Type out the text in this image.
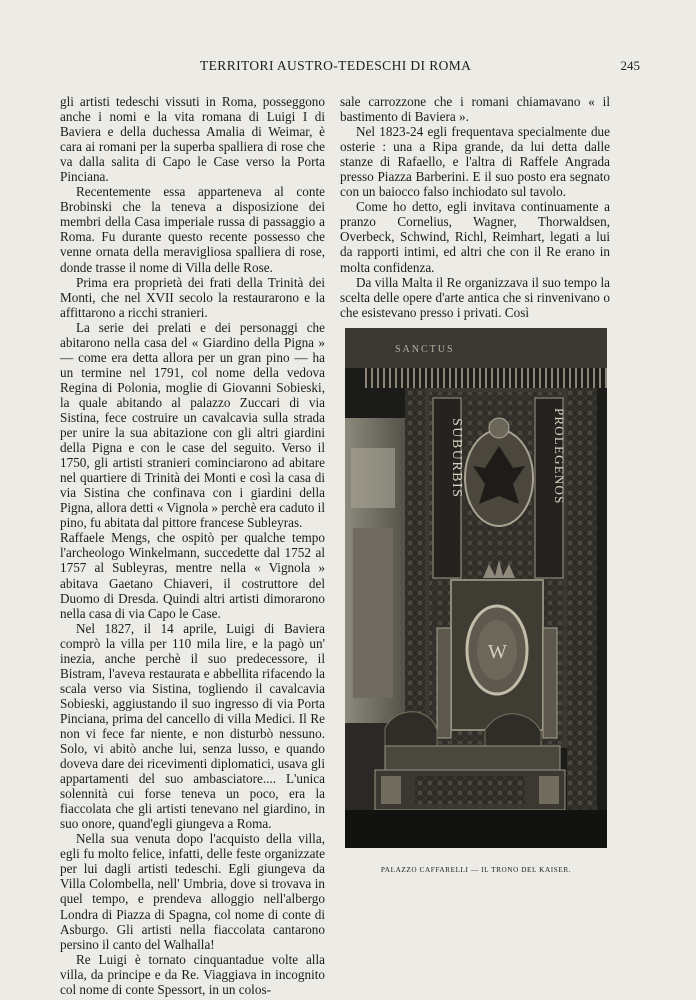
TERRITORI AUSTRO-TEDESCHI DI ROMA	245

gli artisti tedeschi vissuti in Roma, posseggono anche i nomi e la vita romana di Luigi I di Baviera e della duchessa Amalia di Weimar, è cara ai romani per la superba spalliera di rose che va dalla salita di Capo le Case verso la Porta Pinciana.

Recentemente essa apparteneva al conte Brobinski che la teneva a disposizione dei membri della Casa imperiale russa di passaggio a Roma. Fu durante questo recente possesso che venne ornata della meravigliosa spalliera di rose, donde trasse il nome di Villa delle Rose.

Prima era proprietà dei frati della Trinità dei Monti, che nel XVII secolo la restaurarono e la affittarono a ricchi stranieri.

La serie dei prelati e dei personaggi che abitarono nella casa del « Giardino della Pigna » — come era detta allora per un gran pino — ha un termine nel 1791, col nome della vedova Regina di Polonia, moglie di Giovanni Sobieski, la quale abitando al palazzo Zuccari di via Sistina, fece costruire un cavalcavia sulla strada per unire la sua abitazione con gli altri giardini della Pigna e con le case del seguito. Verso il 1750, gli artisti stranieri cominciarono ad abitare nel quartiere di Trinità dei Monti e così la casa di via Sistina che confinava con i giardini della Pigna, allora detti « Vignola » perchè era caduto il pino, fu abitata dal pittore francese Subleyras.

Raffaele Mengs, che ospitò per qualche tempo l'archeologo Winkelmann, succedette dal 1752 al 1757 al Subleyras, mentre nella « Vignola » abitava Gaetano Chiaveri, il costruttore del Duomo di Dresda. Quindi altri artisti dimorarono nella casa di via Capo le Case.

Nel 1827, il 14 aprile, Luigi di Baviera comprò la villa per 110 mila lire, e la pagò un' inezia, anche perchè il suo predecessore, il Bistram, l'aveva restaurata e abbellita rifacendo la scala verso via Sistina, togliendo il cavalcavia Sobieski, aggiustando il suo ingresso di via Porta Pinciana, prima del cancello di villa Medici. Il Re non vi fece far niente, e non disturbò nessuno. Solo, vi abitò anche lui, senza lusso, e quando doveva dare dei ricevimenti diplomatici, usava gli appartamenti del suo ambasciatore.... L'unica solennità cui forse teneva un poco, era la fiaccolata che gli artisti tenevano nel giardino, in suo onore, quand'egli giungeva a Roma.

Nella sua venuta dopo l'acquisto della villa, egli fu molto felice, infatti, delle feste organizzate per lui dagli artisti tedeschi. Egli giungeva da Villa Colombella, nell' Umbria, dove si trovava in quel tempo, e prendeva alloggio nell'albergo Londra di Piazza di Spagna, col nome di conte di Asburgo. Gli artisti nella fiaccolata cantarono persino il canto del Walhalla!

Re Luigi è tornato cinquantadue volte alla villa, da principe e da Re. Viaggiava in incognito col nome di conte Spessort, in un colos-

sale carrozzone che i romani chiamavano « il bastimento di Baviera ».

Nel 1823-24 egli frequentava specialmente due osterie : una a Ripa grande, da lui detta dalle stanze di Rafaello, e l'altra di Raffele Angrada presso Piazza Barberini. E il suo posto era segnato con un baiocco falso inchiodato sul tavolo.

Come ho detto, egli invitava continuamente a pranzo Cornelius, Wagner, Thorwaldsen, Overbeck, Schwind, Richl, Reimhart, legati a lui da rapporti intimi, ed altri che con il Re erano in molta confidenza.

Da villa Malta il Re organizzava il suo tempo la scelta delle opere d'arte antica che si rinvenivano o che esistevano presso i privati. Così

SANCTUS
SUBURBIS	PROLEGENOS
W
PALAZZO CAFFARELLI — IL TRONO DEL KAISER.
